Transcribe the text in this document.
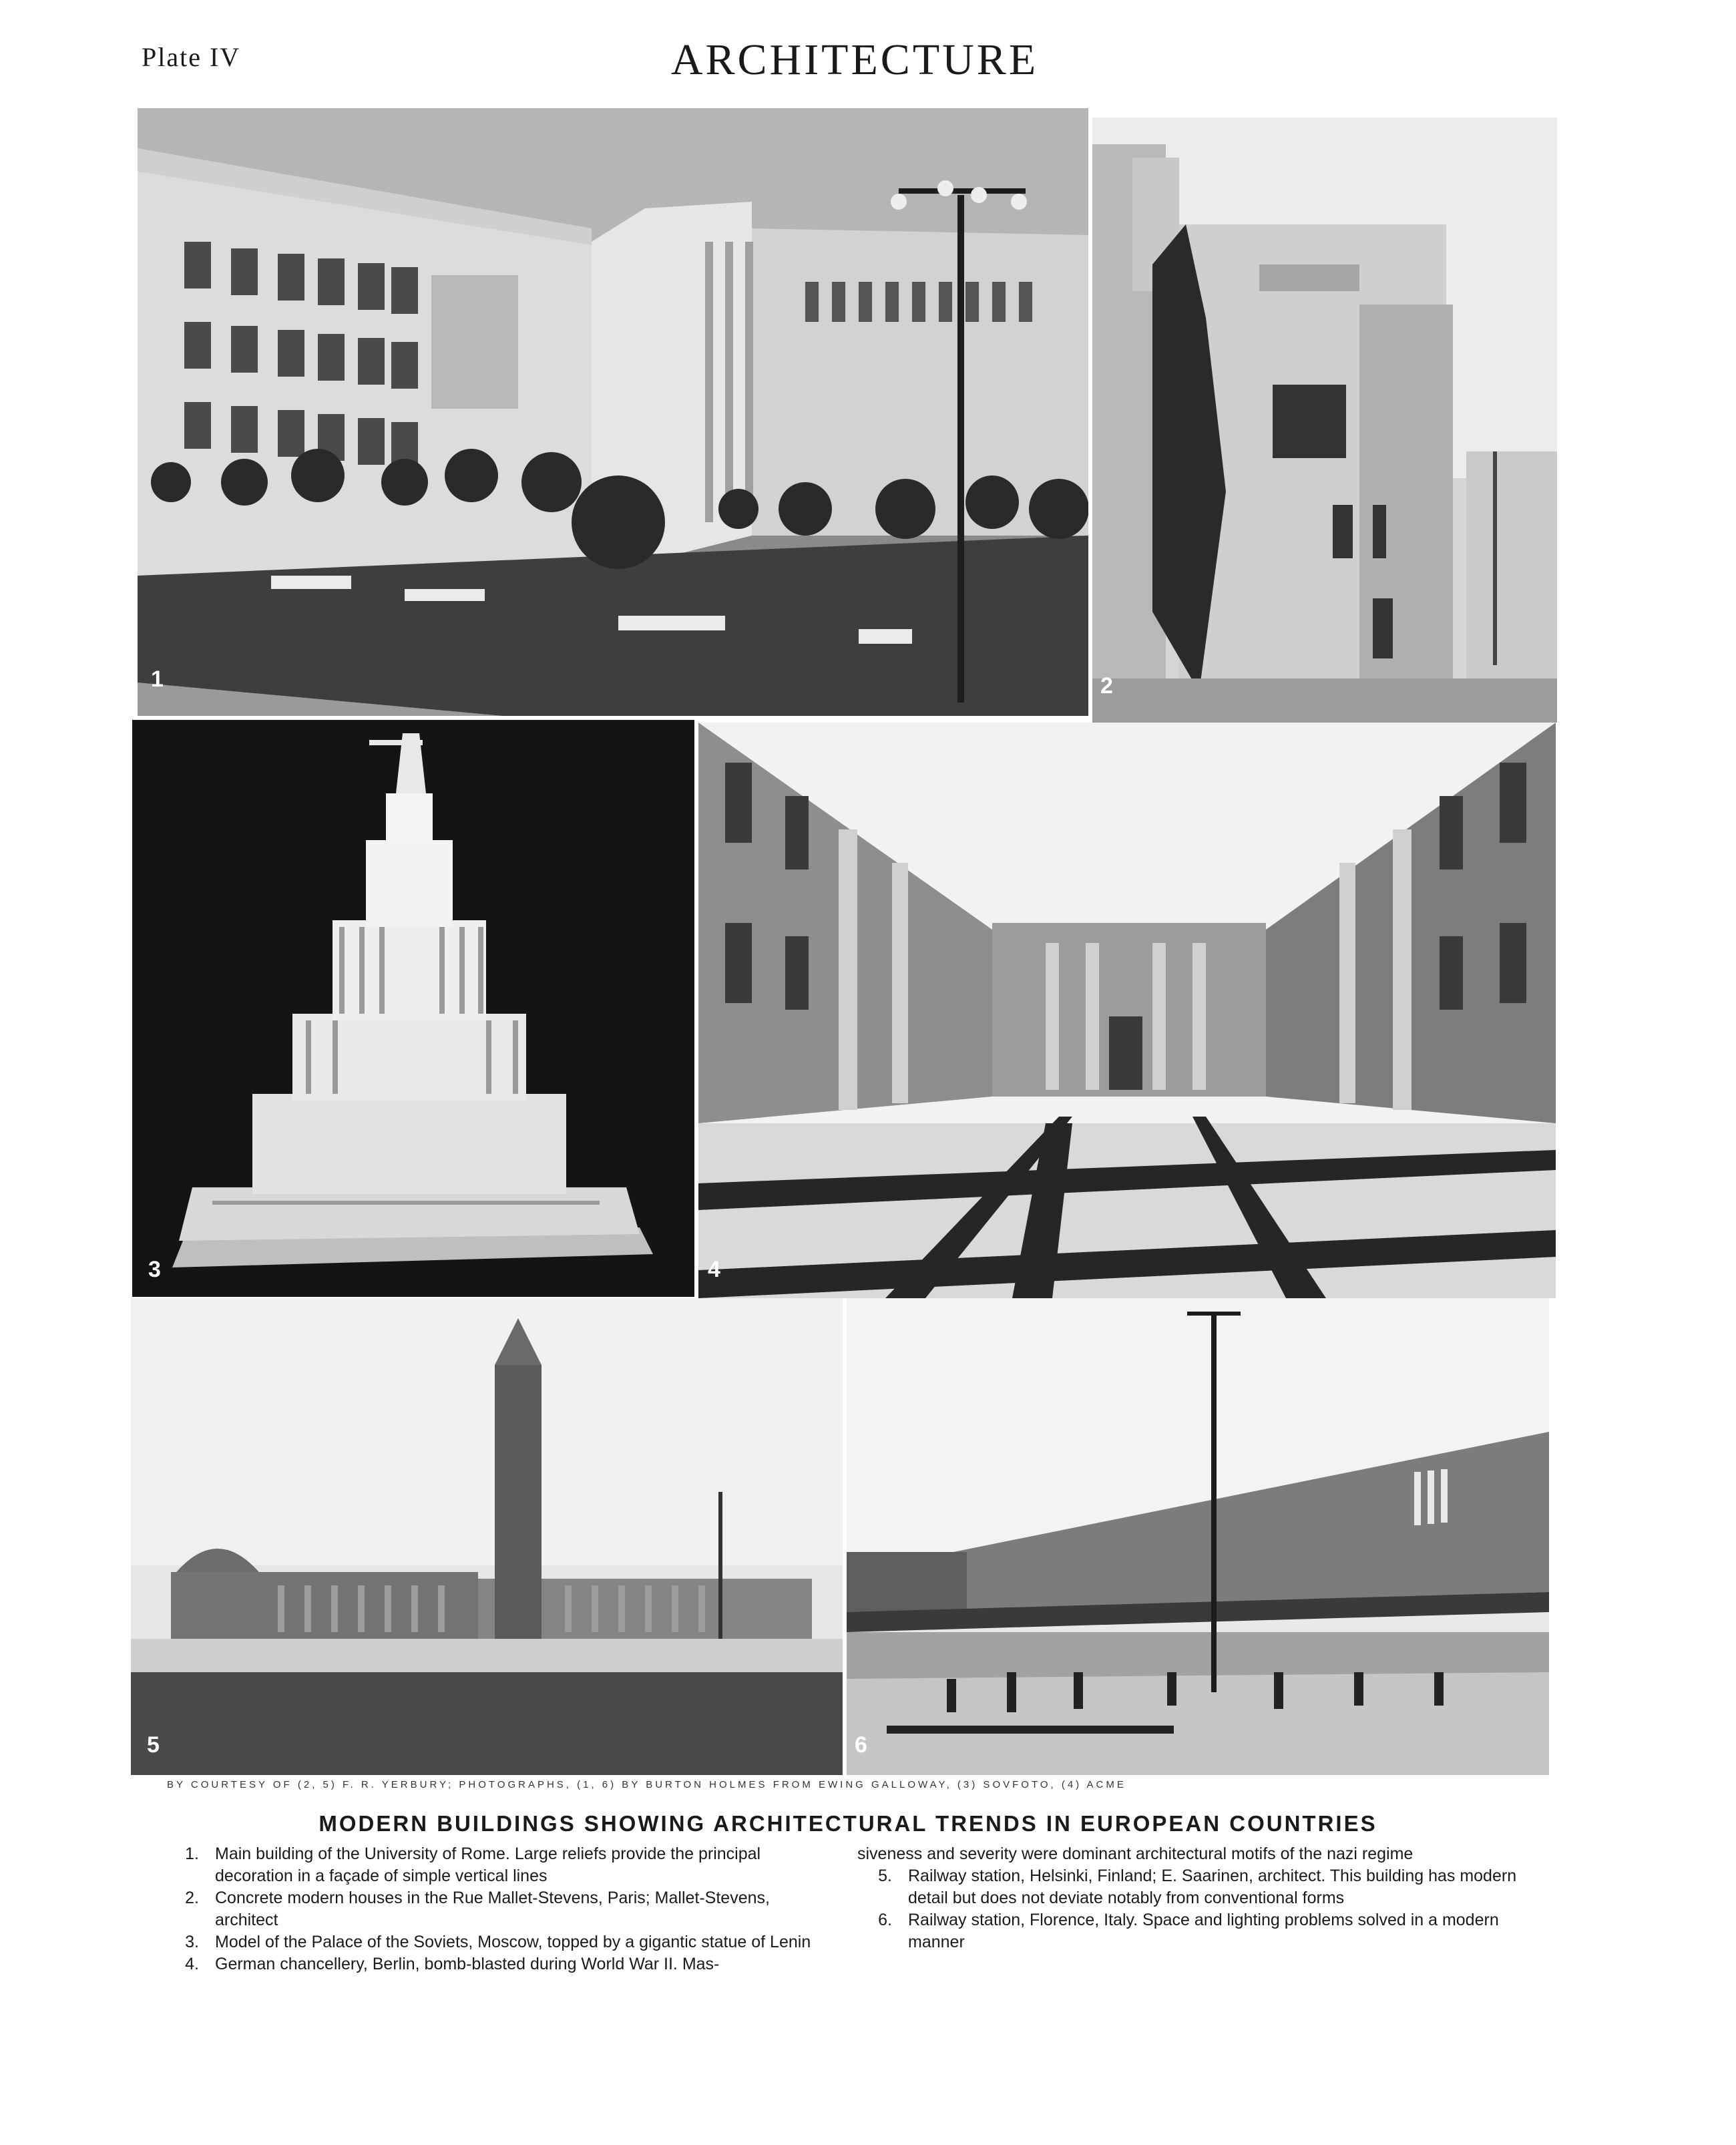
Plate IV	ARCHITECTURE
1	2
3	4
5	6
BY COURTESY OF (2, 5) F. R. YERBURY; PHOTOGRAPHS, (1, 6) BY BURTON HOLMES FROM EWING GALLOWAY, (3) SOVFOTO, (4) ACME
MODERN BUILDINGS SHOWING ARCHITECTURAL TRENDS IN EUROPEAN COUNTRIES
1. Main building of the University of Rome. Large reliefs provide the principal decoration in a façade of simple vertical lines
2. Concrete modern houses in the Rue Mallet-Stevens, Paris; Mallet-Stevens, architect
3. Model of the Palace of the Soviets, Moscow, topped by a gigantic statue of Lenin
4. German chancellery, Berlin, bomb-blasted during World War II. Mas-
siveness and severity were dominant architectural motifs of the nazi regime
5. Railway station, Helsinki, Finland; E. Saarinen, architect. This building has modern detail but does not deviate notably from conventional forms
6. Railway station, Florence, Italy. Space and lighting problems solved in a modern manner
